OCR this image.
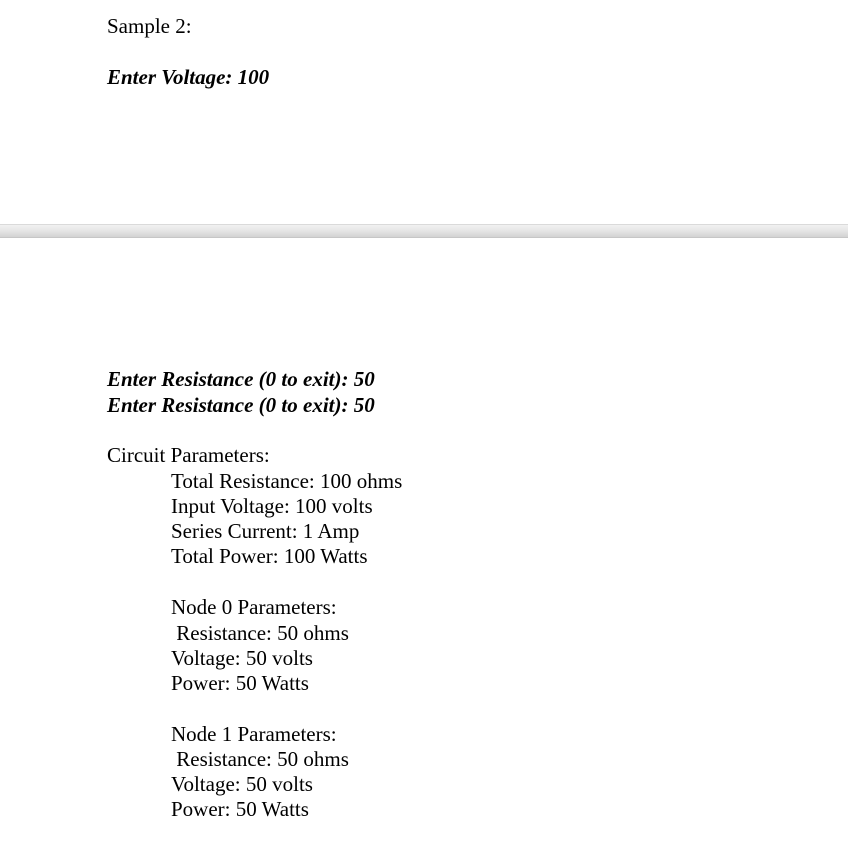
Sample 2:
Enter Voltage: 100
Enter Resistance (0 to exit): 50
Enter Resistance (0 to exit): 50
Circuit Parameters:
Total Resistance: 100 ohms
Input Voltage: 100 volts
Series Current: 1 Amp
Total Power: 100 Watts
Node 0 Parameters:
Resistance: 50 ohms
Voltage: 50 volts
Power: 50 Watts
Node 1 Parameters:
Resistance: 50 ohms
Voltage: 50 volts
Power: 50 Watts
